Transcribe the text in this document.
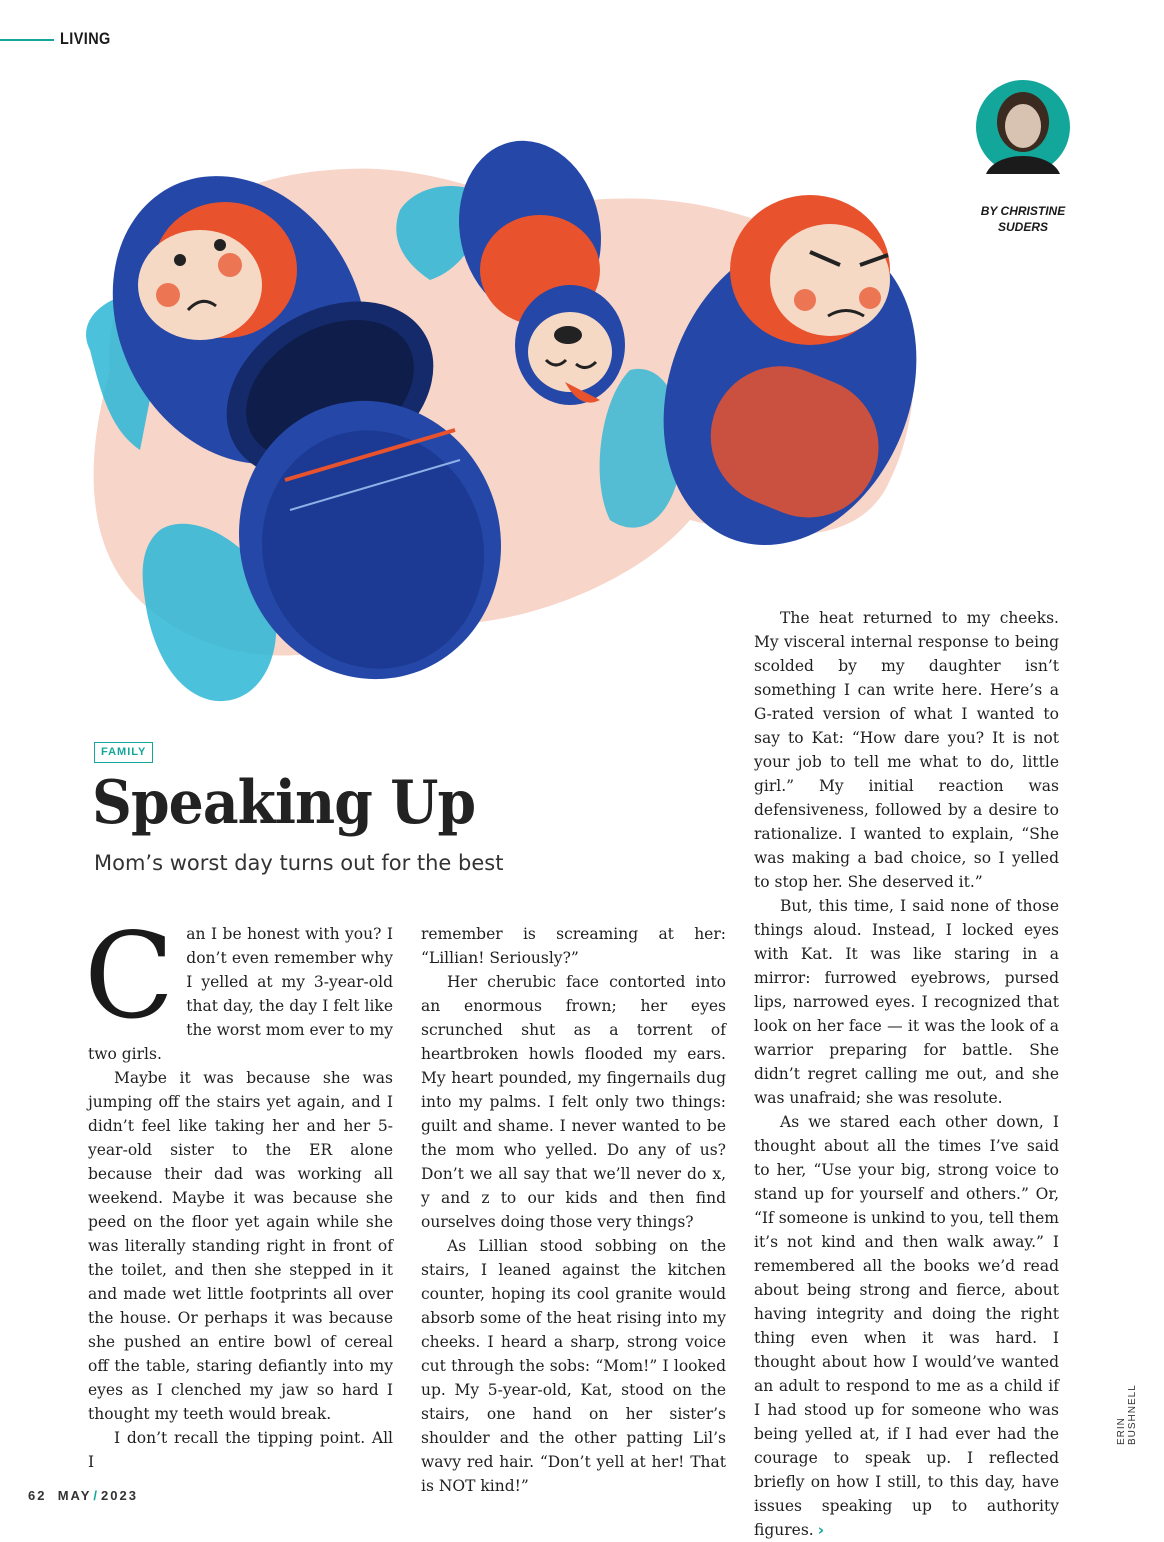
LIVING
BY CHRISTINE
SUDERS
FAMILY
Speaking Up
Mom’s worst day turns out for the best

Can I be honest with you? I don’t even remember why I yelled at my 3-year-old that day, the day I felt like the worst mom ever to my two girls.

Maybe it was because she was jumping off the stairs yet again, and I didn’t feel like taking her and her 5-year-old sister to the ER alone because their dad was working all weekend. Maybe it was because she peed on the floor yet again while she was literally standing right in front of the toilet, and then she stepped in it and made wet little footprints all over the house. Or perhaps it was because she pushed an entire bowl of cereal off the table, staring defiantly into my eyes as I clenched my jaw so hard I thought my teeth would break.

I don’t recall the tipping point. All I

remember is screaming at her: “Lillian! Seriously?”

Her cherubic face contorted into an enormous frown; her eyes scrunched shut as a torrent of heartbroken howls flooded my ears. My heart pounded, my fingernails dug into my palms. I felt only two things: guilt and shame. I never wanted to be the mom who yelled. Do any of us? Don’t we all say that we’ll never do x, y and z to our kids and then find ourselves doing those very things?

As Lillian stood sobbing on the stairs, I leaned against the kitchen counter, hoping its cool granite would absorb some of the heat rising into my cheeks. I heard a sharp, strong voice cut through the sobs: “Mom!” I looked up. My 5-year-old, Kat, stood on the stairs, one hand on her sister’s shoulder and the other patting Lil’s wavy red hair. “Don’t yell at her! That is NOT kind!”

The heat returned to my cheeks. My visceral internal response to being scolded by my daughter isn’t something I can write here. Here’s a G-rated version of what I wanted to say to Kat: “How dare you? It is not your job to tell me what to do, little girl.” My initial reaction was defensiveness, followed by a desire to rationalize. I wanted to explain, “She was making a bad choice, so I yelled to stop her. She deserved it.”

But, this time, I said none of those things aloud. Instead, I locked eyes with Kat. It was like staring in a mirror: furrowed eyebrows, pursed lips, narrowed eyes. I recognized that look on her face — it was the look of a warrior preparing for battle. She didn’t regret calling me out, and she was unafraid; she was resolute.

As we stared each other down, I thought about all the times I’ve said to her, “Use your big, strong voice to stand up for yourself and others.” Or, “If someone is unkind to you, tell them it’s not kind and then walk away.” I remembered all the books we’d read about being strong and fierce, about having integrity and doing the right thing even when it was hard. I thought about how I would’ve wanted an adult to respond to me as a child if I had stood up for someone who was being yelled at, if I had ever had the courage to speak up. I reflected briefly on how I still, to this day, have issues speaking up to authority figures. ›

62 MAY / 2023
ERIN BUSHNELL
